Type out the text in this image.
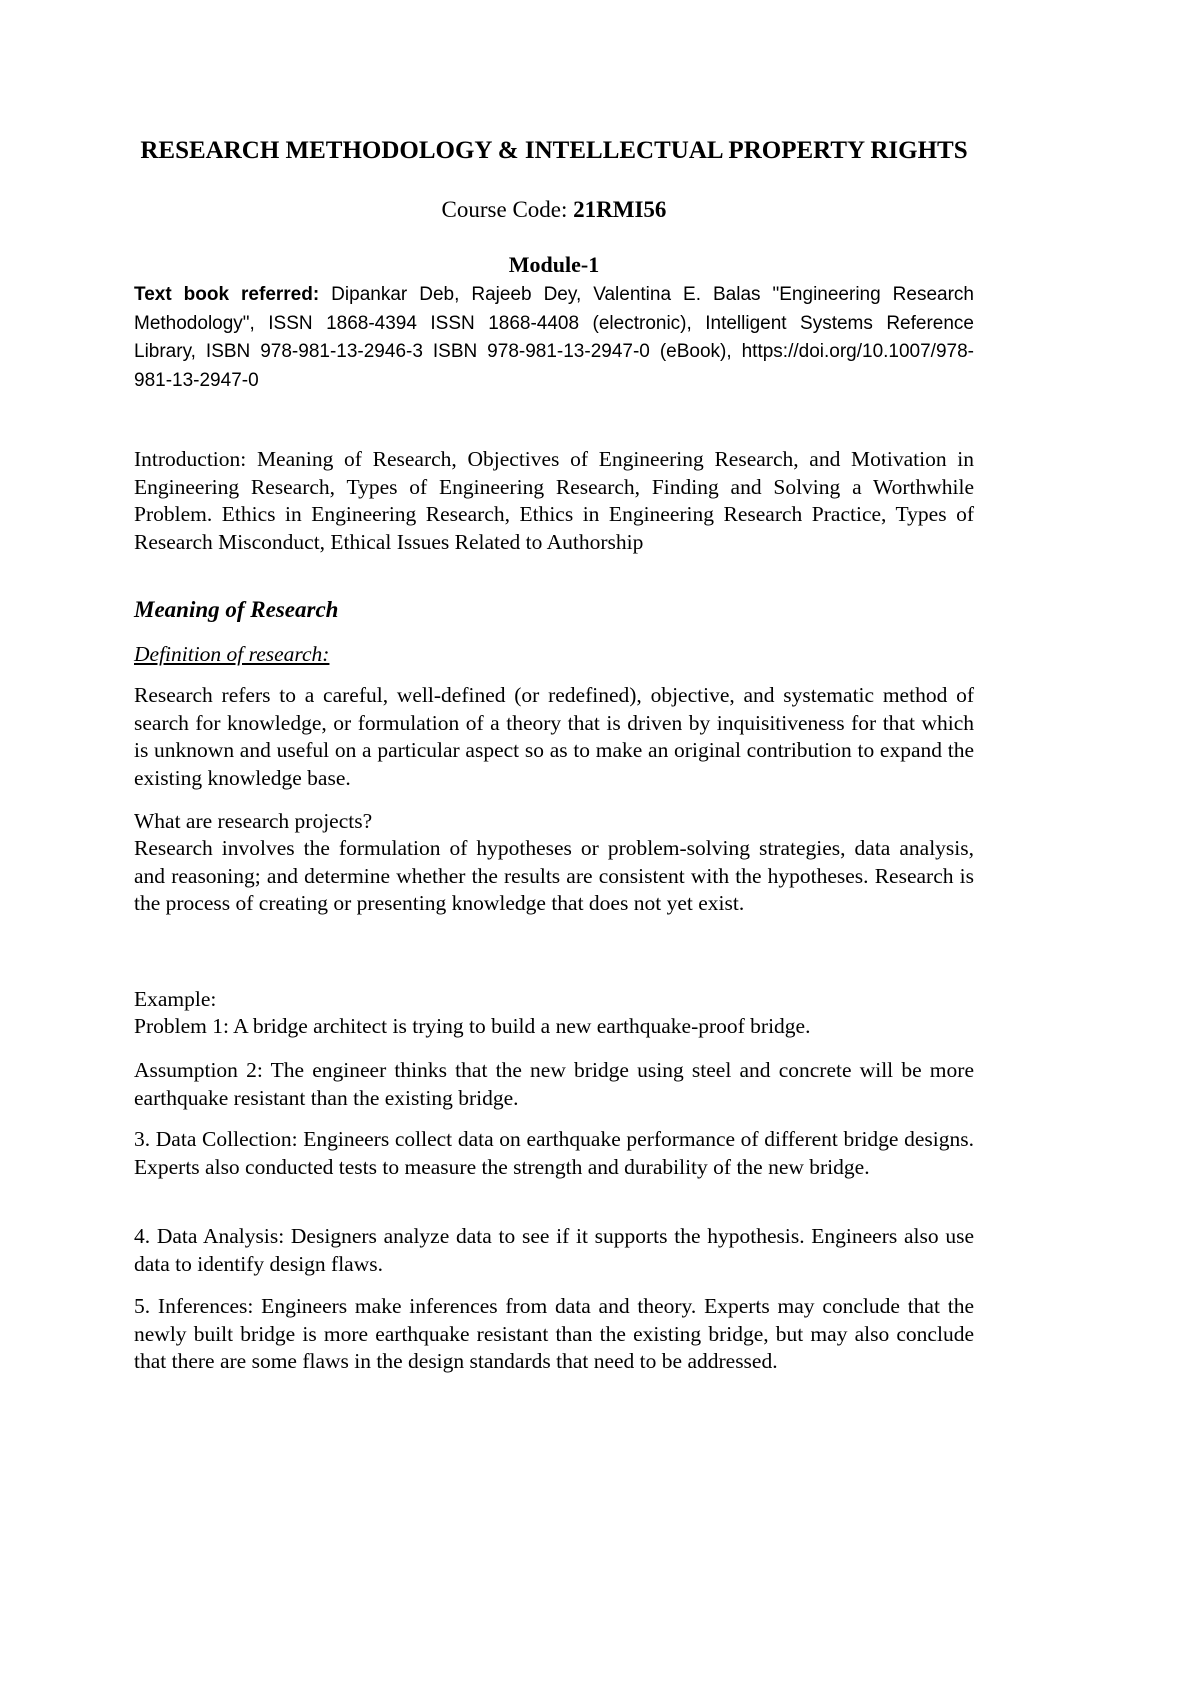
RESEARCH METHODOLOGY & INTELLECTUAL PROPERTY RIGHTS
Course Code: 21RMI56
Module-1
Text book referred: Dipankar Deb, Rajeeb Dey, Valentina E. Balas "Engineering Research Methodology", ISSN 1868-4394 ISSN 1868-4408 (electronic), Intelligent Systems Reference Library, ISBN 978-981-13-2946-3 ISBN 978-981-13-2947-0 (eBook), https://doi.org/10.1007/978-981-13-2947-0

Introduction: Meaning of Research, Objectives of Engineering Research, and Motivation in Engineering Research, Types of Engineering Research, Finding and Solving a Worthwhile Problem. Ethics in Engineering Research, Ethics in Engineering Research Practice, Types of Research Misconduct, Ethical Issues Related to Authorship

Meaning of Research

Definition of research:

Research refers to a careful, well-defined (or redefined), objective, and systematic method of search for knowledge, or formulation of a theory that is driven by inquisitiveness for that which is unknown and useful on a particular aspect so as to make an original contribution to expand the existing knowledge base.

What are research projects?

Research involves the formulation of hypotheses or problem-solving strategies, data analysis, and reasoning; and determine whether the results are consistent with the hypotheses. Research is the process of creating or presenting knowledge that does not yet exist.

Example:

Problem 1: A bridge architect is trying to build a new earthquake-proof bridge.

Assumption 2: The engineer thinks that the new bridge using steel and concrete will be more earthquake resistant than the existing bridge.

3. Data Collection: Engineers collect data on earthquake performance of different bridge designs. Experts also conducted tests to measure the strength and durability of the new bridge.

4. Data Analysis: Designers analyze data to see if it supports the hypothesis. Engineers also use data to identify design flaws.

5. Inferences: Engineers make inferences from data and theory. Experts may conclude that the newly built bridge is more earthquake resistant than the existing bridge, but may also conclude that there are some flaws in the design standards that need to be addressed.
